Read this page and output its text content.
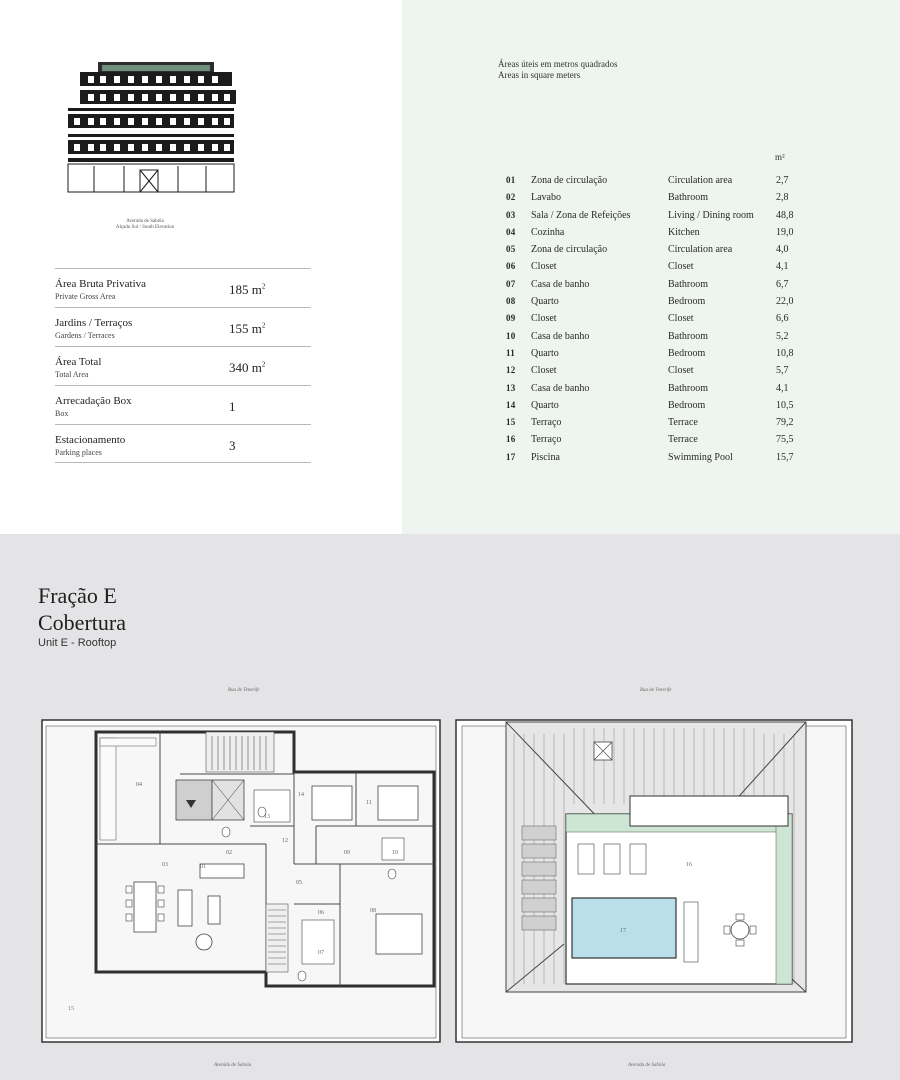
Avenida de Sabóia
Alçado Sul / South Elevation
Área Bruta Privativa
Private Gross Area	185 $m^2$
Jardins / Terraços
Gardens / Terraces	155 $m^2$
Área Total
Total Area	340 $m^2$
Arrecadação Box
Box	1
Estacionamento
Parking places	3
Áreas úteis em metros quadrados
Areas in square meters
m²
01 Zona de circulação	Circulation area	2,7
02 Lavabo	Bathroom	2,8
03 Sala / Zona de Refeições	Living / Dining room 48,8
04 Cozinha	Kitchen	19,0
05 Zona de circulação	Circulation area	4,0
06 Closet	Closet	4,1
07 Casa de banho	Bathroom	6,7
08 Quarto	Bedroom	22,0
09 Closet	Closet	6,6
10 Casa de banho	Bathroom	5,2
11 Quarto	Bedroom	10,8
12 Closet	Closet	5,7
13 Casa de banho	Bathroom	4,1
14 Quarto	Bedroom	10,5
15 Terraço	Terrace	79,2
16 Terraço	Terrace	75,5
17 Piscina	Swimming Pool	15,7
Fração E
Cobertura
Unit E - Rooftop
Rua de Tenerife	Rua de Tenerife
Avenida de Sabóia	Avenida de Sabóia
15
01
02
03
04
05
06
07
08
09	10
11
12
13
14
16
17
